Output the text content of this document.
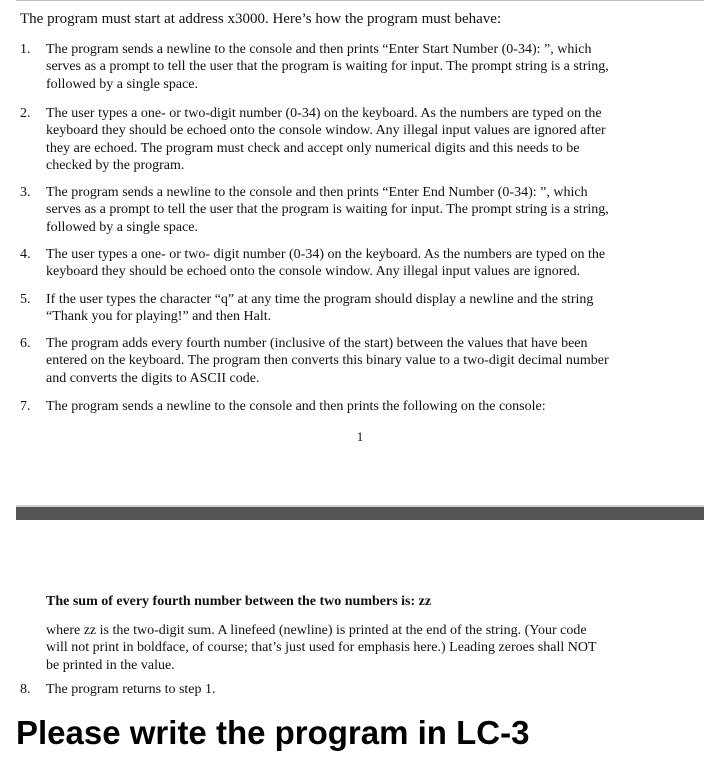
The program must start at address x3000. Here’s how the program must behave:
1. The program sends a newline to the console and then prints “Enter Start Number (0-34): ”, which
serves as a prompt to tell the user that the program is waiting for input. The prompt string is a string,
followed by a single space.
2. The user types a one- or two-digit number (0-34) on the keyboard. As the numbers are typed on the
keyboard they should be echoed onto the console window. Any illegal input values are ignored after
they are echoed. The program must check and accept only numerical digits and this needs to be
checked by the program.
3. The program sends a newline to the console and then prints “Enter End Number (0-34): ”, which
serves as a prompt to tell the user that the program is waiting for input. The prompt string is a string,
followed by a single space.
4. The user types a one- or two- digit number (0-34) on the keyboard. As the numbers are typed on the
keyboard they should be echoed onto the console window. Any illegal input values are ignored.
5. If the user types the character “q” at any time the program should display a newline and the string
“Thank you for playing!” and then Halt.
6. The program adds every fourth number (inclusive of the start) between the values that have been
entered on the keyboard. The program then converts this binary value to a two-digit decimal number
and converts the digits to ASCII code.
7. The program sends a newline to the console and then prints the following on the console:
1
The sum of every fourth number between the two numbers is: zz
where zz is the two-digit sum. A linefeed (newline) is printed at the end of the string. (Your code
will not print in boldface, of course; that’s just used for emphasis here.) Leading zeroes shall NOT
be printed in the value.
8. The program returns to step 1.
Please write the program in LC-3
